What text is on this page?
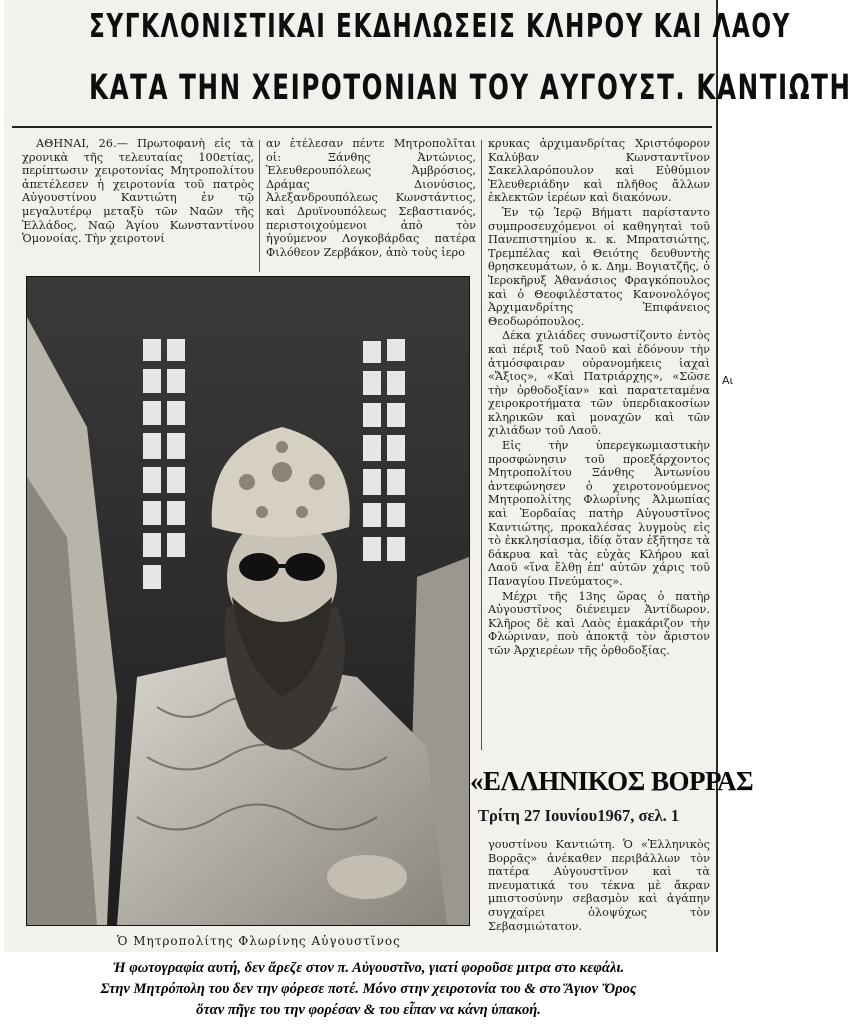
ΣΥΓΚΛΟΝΙΣΤΙΚΑΙ ΕΚΔΗΛΩΣΕΙΣ ΚΛΗΡΟΥ ΚΑΙ ΛΑΟΥ
ΚΑΤΑ ΤΗΝ ΧΕΙΡΟΤΟΝΙΑΝ ΤΟΥ ΑΥΓΟΥΣΤ. ΚΑΝΤΙΩΤΗ

ΑΘΗΝΑΙ, 26.— Πρωτοφανὴ εἰς τὰ χρονικὰ τῆς τελευταίας 100ετίας, περίπτωσιν χειροτονίας Μητροπολίτου ἀπετέλεσεν ἡ χειροτονία τοῦ πατρὸς Αὐγουστίνου Καντιώτη ἐν τῷ μεγαλυτέρῳ μεταξὺ τῶν Ναῶν τῆς Ἑλλάδος, Ναῷ Ἁγίου Κωνσταντίνου Ὁμονοίας. Τὴν χειροτονί

αν ἐτέλεσαν πέντε Μητροπολῖται οἱ: Ξάνθης Ἀντώνιος, Ἐλευθερουπόλεως Ἀμβρόσιος, Δράμας Διονύσιος, Ἀλεξανδρουπόλεως Κωνστάντιος, καὶ Δρυϊνουπόλεως Σεβαστιανός, περιστοιχούμενοι ἀπὸ τὸν ἡγούμενον Λογκοβάρδας πατέρα Φιλόθεον Ζερβάκον, ἀπὸ τοὺς ἱερο

κρυκας ἀρχιμανδρίτας Χριστόφορον Καλύβαν Κωνσταντῖνον Σακελλαρόπουλον καὶ Εὐθύμιον Ἐλευθεριάδην καὶ πλῆθος ἄλλων ἐκλεκτῶν ἱερέων καὶ διακόνων.

Ἐν τῷ Ἱερῷ Βήματι παρίσταντο συμπροσευχόμενοι οἱ καθηγηταὶ τοῦ Πανεπιστημίου κ. κ. Μπρατσιώτης, Τρεμπέλας καὶ Θειότης δευθυντὴς θρησκευμάτων, ὁ κ. Δημ. Βογιατζῆς, ὁ Ἱεροκῆρυξ Ἀθανάσιος Φραγκόπουλος καὶ ὁ Θεοφιλέστατος Κανονολόγος Ἀρχιμανδρίτης Ἐπιφάνειος Θεοδωρόπουλος.

Δέκα χιλιάδες συνωστίζοντο ἐντὸς καὶ πέριξ τοῦ Ναοῦ καὶ ἐδόνουν τὴν ἀτμόσφαιραν οὐρανομήκεις ἰαχαὶ «Ἄξιος», «Καὶ Πατριάρχης», «Σῶσε τὴν ὀρθοδοξίαν» καὶ παρατεταμένα χειροκροτήματα τῶν ὑπερδιακοσίων κληρικῶν καὶ μοναχῶν καὶ τῶν χιλιάδων τοῦ Λαοῦ.

Εἰς τὴν ὑπερεγκωμιαστικὴν προσφώνησιν τοῦ προεξάρχοντος Μητροπολίτου Ξάνθης Ἀντωνίου ἀντεφώνησεν ὁ χειροτονούμενος Μητροπολίτης Φλωρίνης Ἀλμωπίας καὶ Ἐορδαίας πατὴρ Αὐγουστῖνος Καντιώτης, προκαλέσας λυγμοὺς εἰς τὸ ἐκκλησίασμα, ἰδίᾳ ὅταν ἐξῆτησε τὰ δάκρυα καὶ τὰς εὐχὰς Κλήρου καὶ Λαοῦ «ἵνα ἔλθῃ ἐπ' αὐτῶν χάρις τοῦ Παναγίου Πνεύματος».

Μέχρι τῆς 13ης ὥρας ὁ πατὴρ Αὐγουστῖνος διένειμεν Ἀντίδωρον. Κλῆρος δὲ καὶ Λαὸς ἐμακάριζον τὴν Φλώριναν, ποὺ ἀποκτᾷ τὸν ἄριστον τῶν Ἀρχιερέων τῆς ὀρθοδοξίας.

γουστίνου Καντιώτη. Ὁ «Ἑλληνικὸς Βορρᾶς» ἀνέκαθεν περιβάλλων τὸν πατέρα Αὐγουστῖνον καὶ τὰ πνευματικά του τέκνα μὲ ἄκραν μπιστοσύνην σεβασμὸν καὶ ἀγάπην συγχαίρει ὁλοψύχως τὸν Σεβασμιώτατον.

Ὁ Μητροπολίτης Φλωρίνης Αὐγουστῖνος
«ΕΛΛΗΝΙΚΟΣ ΒΟΡΡΑΣ
Τρίτη 27 Ιουνίου1967, σελ. 1
Αι
Ἡ φωτογραφία αυτή, δεν ἄρεζε στον π. Αὐγουστῖνο, γιατί φοροῦσε μιτρα στο κεφάλι.
Στην Μητρόπολη του δεν την φόρεσε ποτέ. Μόνο στην χειροτονία του & στο Ἅγιον Ὄρος
ὅταν πῆγε του την φορέσαν & του εἶπαν να κάνη ὑπακοή.
